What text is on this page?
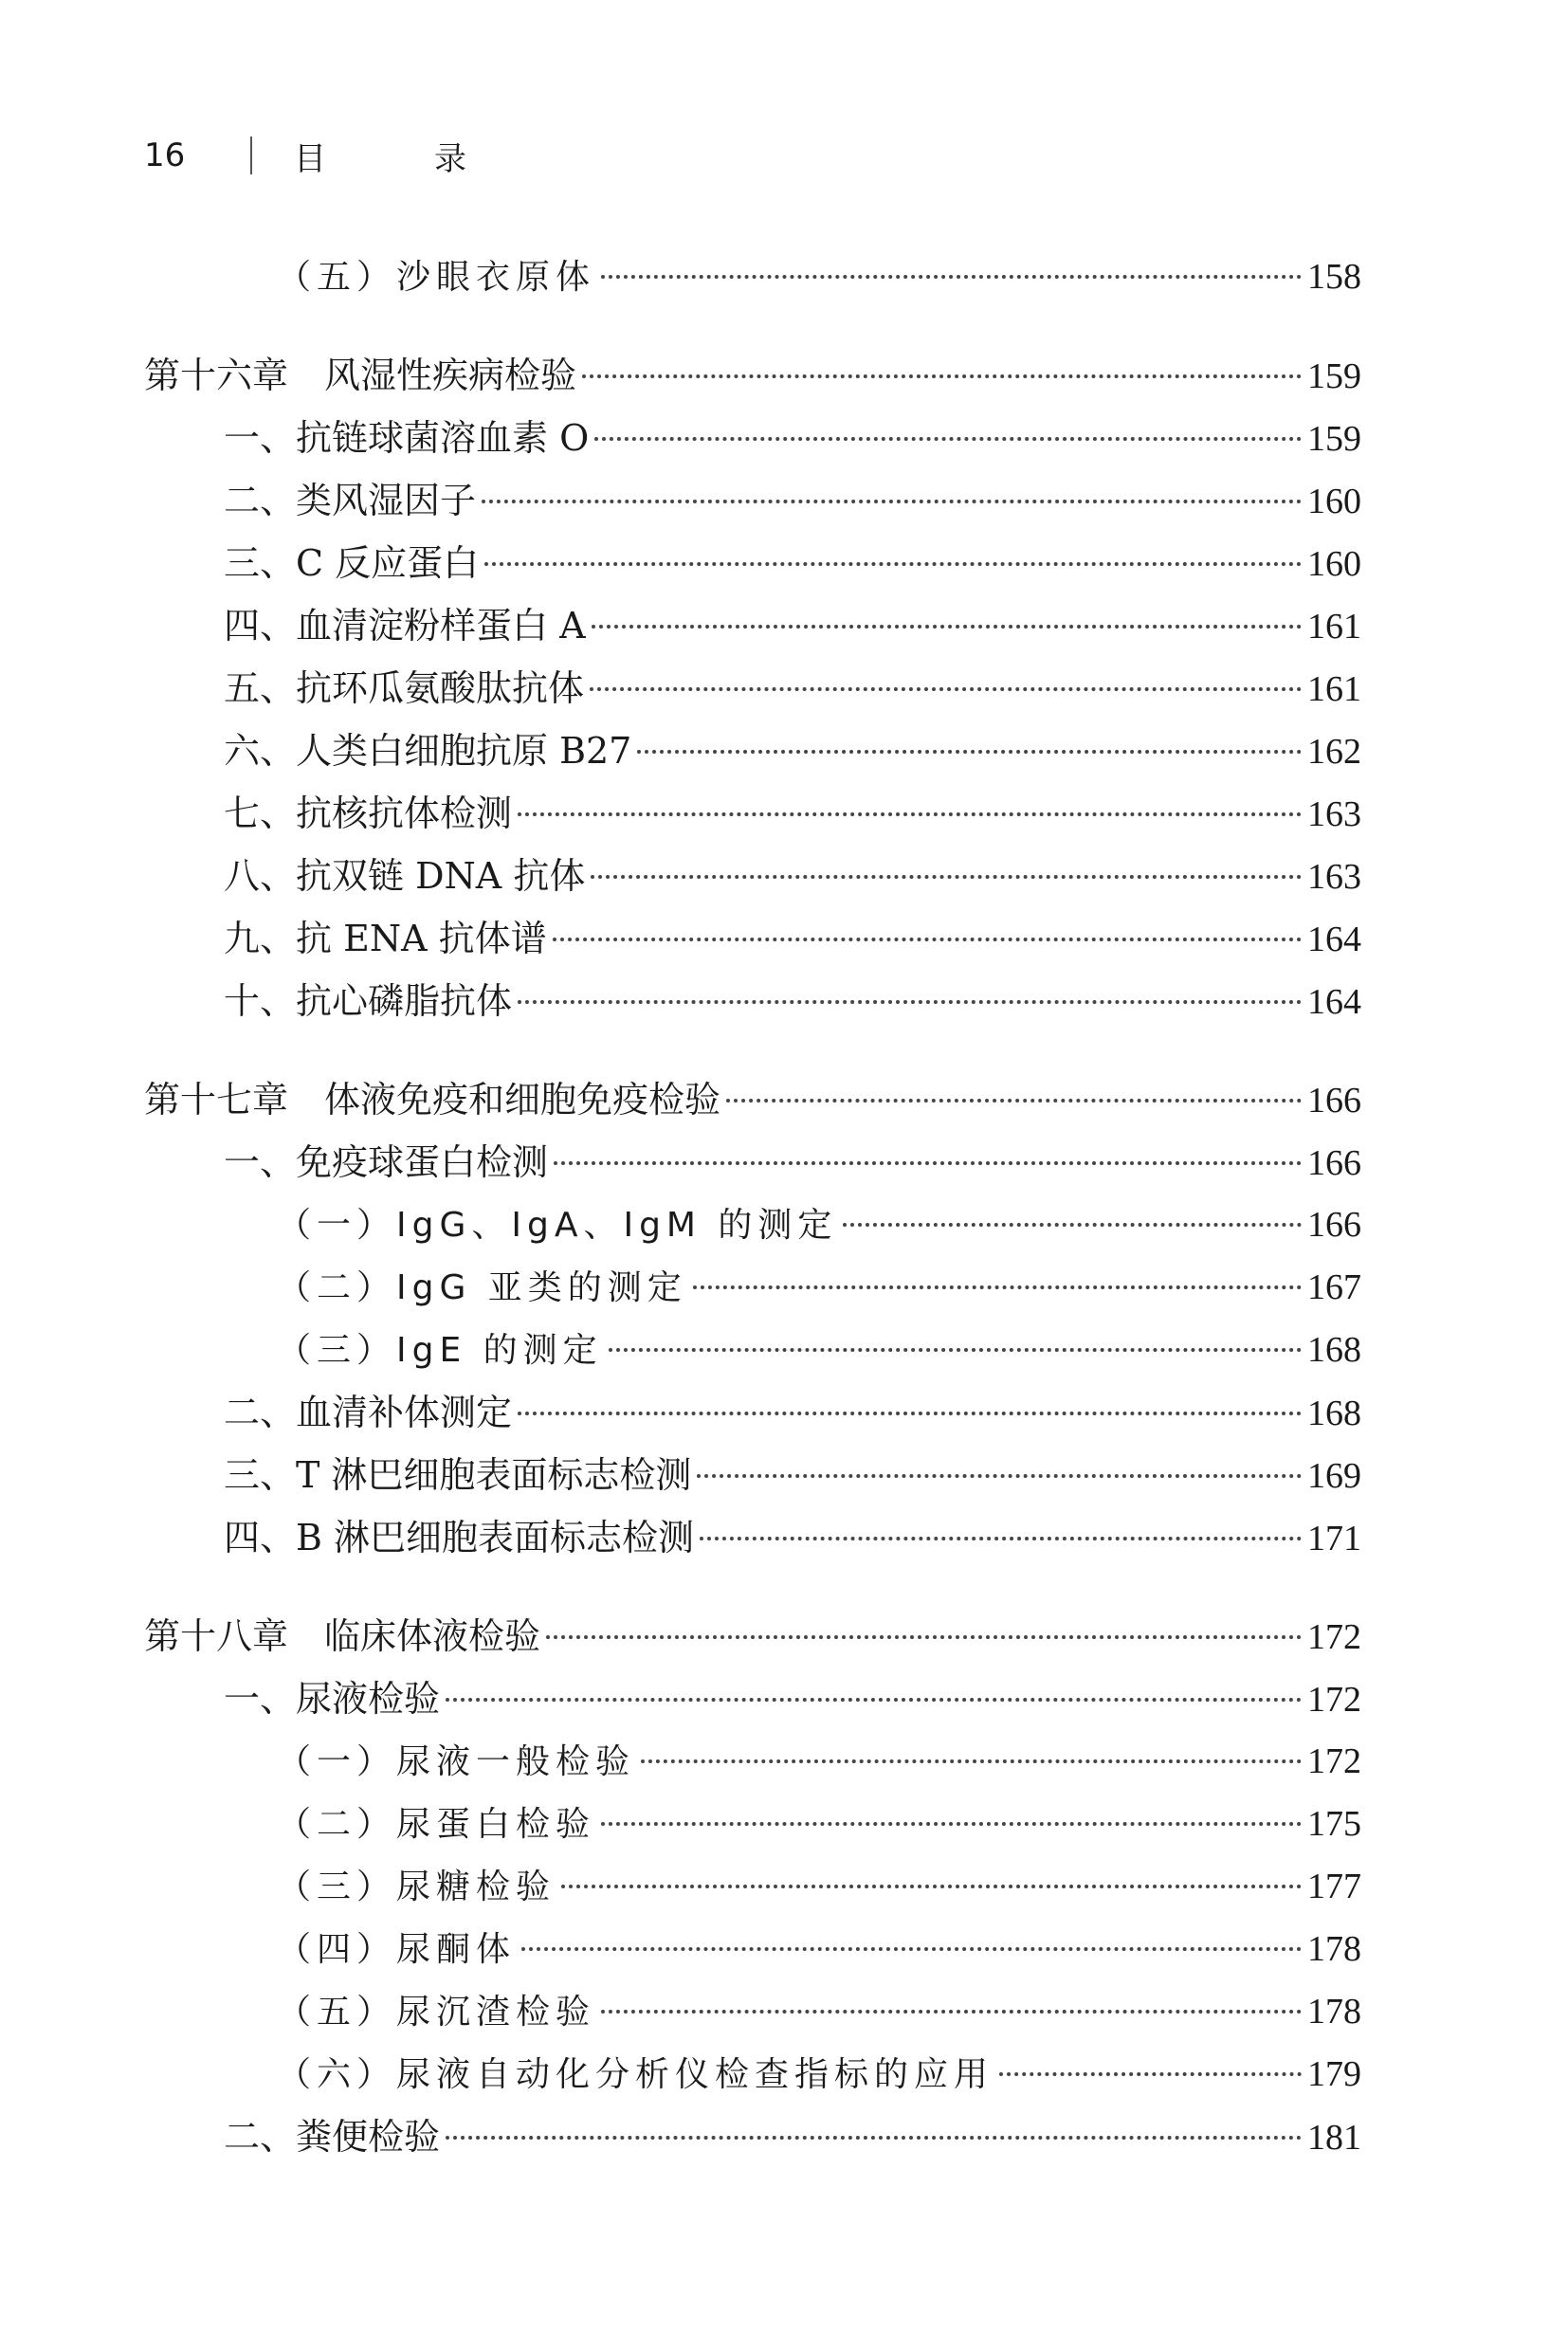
16	目　录
（五）沙眼衣原体	158
第十六章　风湿性疾病检验	159
一、抗链球菌溶血素 O	159
二、类风湿因子	160
三、C 反应蛋白	160
四、血清淀粉样蛋白 A	161
五、抗环瓜氨酸肽抗体	161
六、人类白细胞抗原 B27	162
七、抗核抗体检测	163
八、抗双链 DNA 抗体	163
九、抗 ENA 抗体谱	164
十、抗心磷脂抗体	164
第十七章　体液免疫和细胞免疫检验	166
一、免疫球蛋白检测	166
（一）IgG、IgA、IgM 的测定	166
（二）IgG 亚类的测定	167
（三）IgE 的测定	168
二、血清补体测定	168
三、T 淋巴细胞表面标志检测	169
四、B 淋巴细胞表面标志检测	171
第十八章　临床体液检验	172
一、尿液检验	172
（一）尿液一般检验	172
（二）尿蛋白检验	175
（三）尿糖检验	177
（四）尿酮体	178
（五）尿沉渣检验	178
（六）尿液自动化分析仪检查指标的应用	179
二、粪便检验	181
